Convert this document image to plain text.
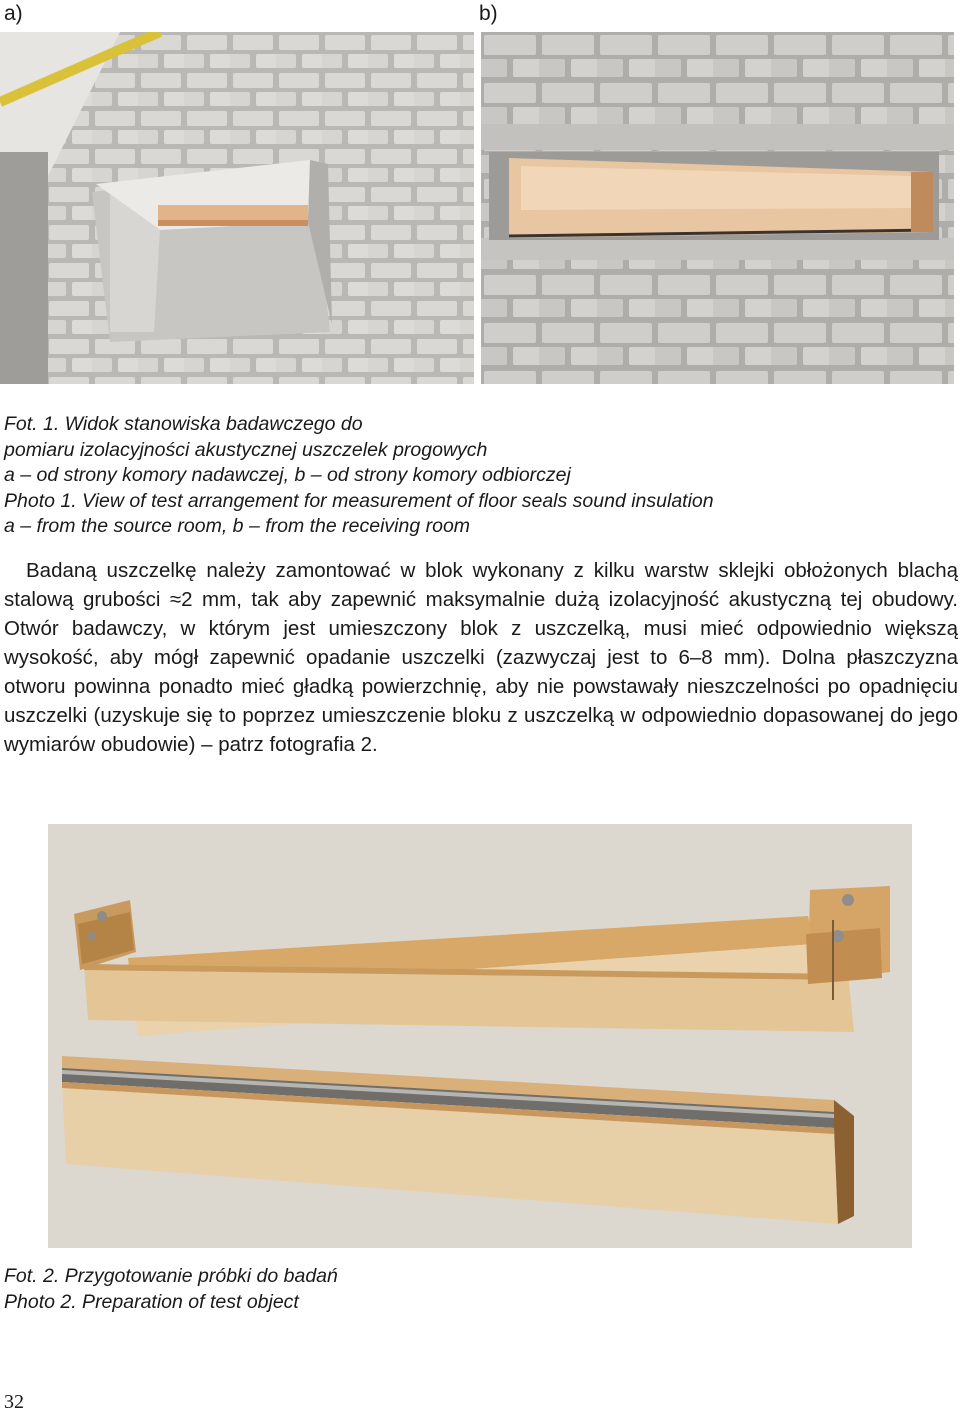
a)	b)
Fot. 1. Widok stanowiska badawczego do
pomiaru izolacyjności akustycznej uszczelek progowych
a – od strony komory nadawczej, b – od strony komory odbiorczej
Photo 1. View of test arrangement for measurement of floor seals sound insulation
a – from the source room, b – from the receiving room

Badaną uszczelkę należy zamontować w blok wykonany z kilku warstw sklejki obłożonych blachą stalową grubości ≈2 mm, tak aby zapewnić maksymalnie dużą izolacyjność akustyczną tej obudowy. Otwór badawczy, w którym jest umieszczony blok z uszczelką, musi mieć odpowiednio większą wysokość, aby mógł zapewnić opadanie uszczelki (zazwyczaj jest to 6–8 mm). Dolna płaszczyzna otworu powinna ponadto mieć gładką powierzchnię, aby nie powstawały nieszczelności po opadnięciu uszczelki (uzyskuje się to poprzez umieszczenie bloku z uszczelką w odpowiednio dopasowanej do jego wymiarów obudowie) – patrz fotografia 2.

Fot. 2. Przygotowanie próbki do badań
Photo 2. Preparation of test object
32
